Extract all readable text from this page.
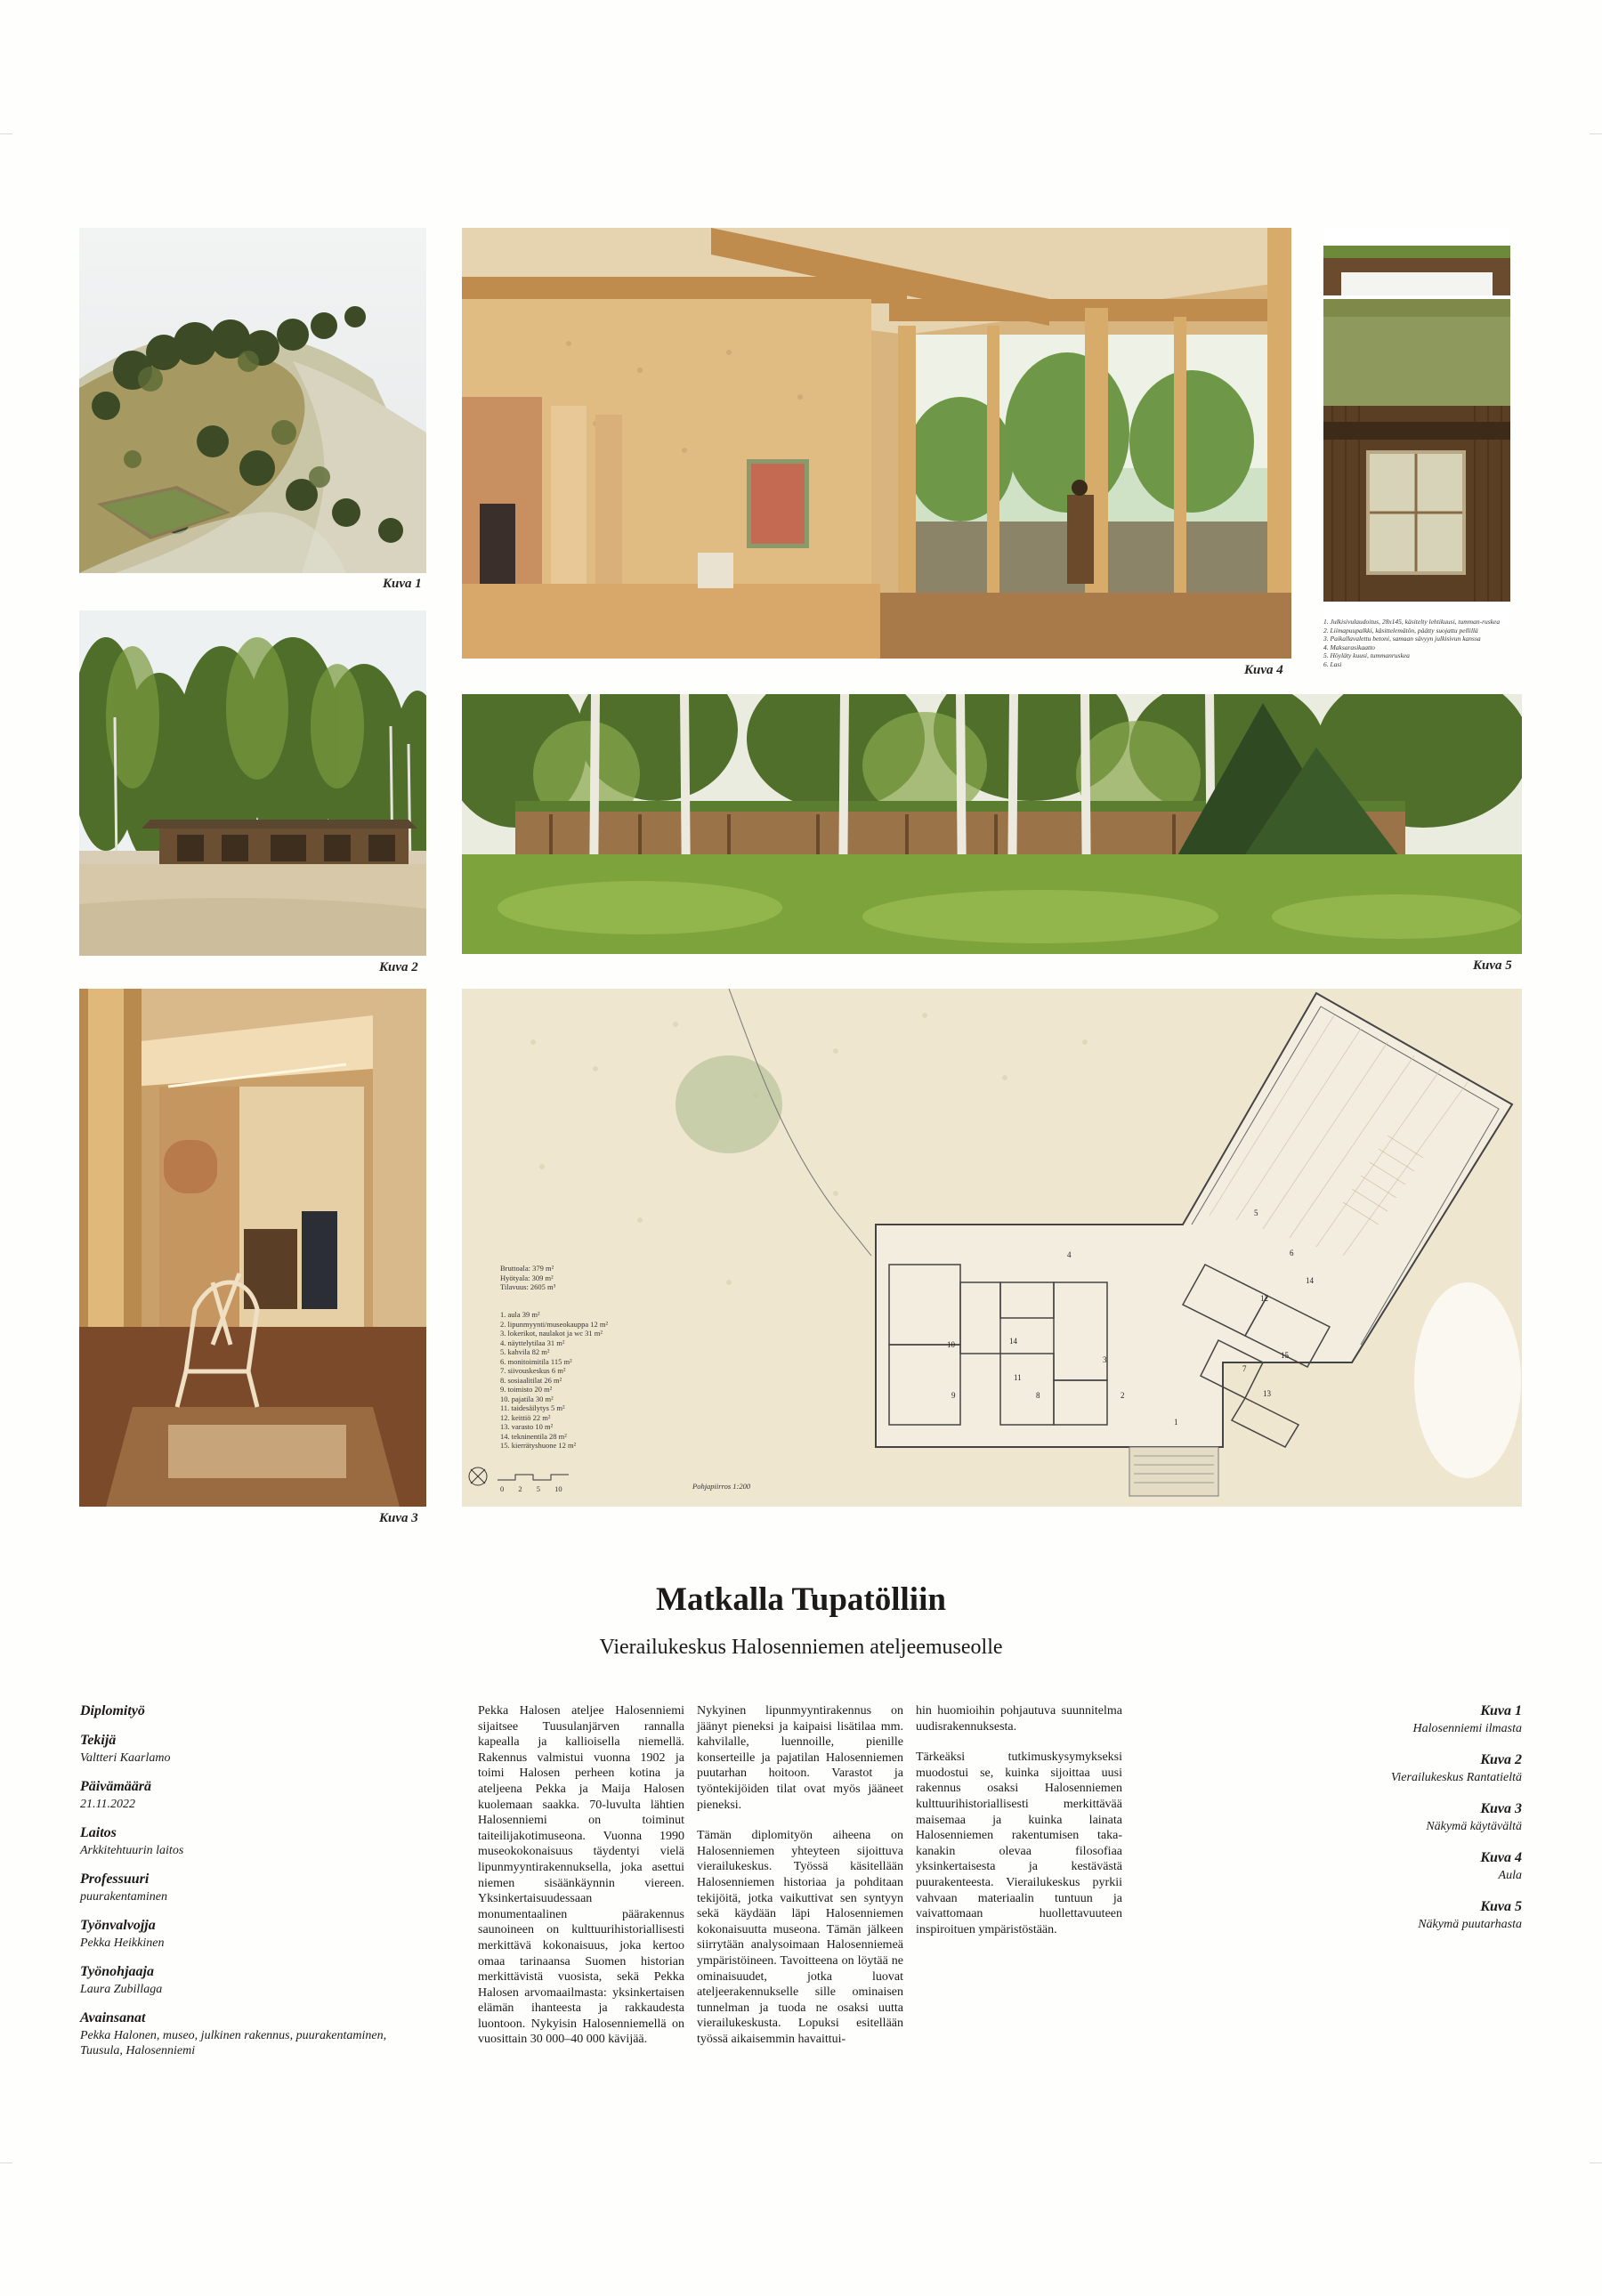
Kuva 1
Kuva 2
Kuva 3
Kuva 4
1. Julkisivulaudoitus, 28x145, käsitelty lehtikuusi, tumman-ruskea
2. Liimapuupalkki, käsittelemätön, päätty suojattu pellillä
3. Paikallavalettu betoni, samaan sävyyn julkisivun kanssa
4. Maksarasikaatto
5. Höyläty kuusi, tummanruskea
6. Lasi
Kuva 5
1
2
3
4
5
6
7
8
9
10
11
12
13
14
15
14
Bruttoala: 379 m²
Hyötyala: 309 m²
Tilavuus: 2605 m³
1. aula 39 m²
2. lipunmyynti/museokauppa 12 m²
3. lokerikot, naulakot ja wc 31 m²
4. näyttelytilaa 31 m²
5. kahvila 82 m²
6. monitoimitila 115 m²
7. siivouskeskus 6 m²
8. sosiaalitilat 26 m²
9. toimisto 20 m²
10. pajatila 30 m²
11. taidesäilytys 5 m²
12. keittiö 22 m²
13. varasto 10 m²
14. tekninentila 28 m²
15. kierrätyshuone 12 m²
0 2 5 10	Pohjapiirros 1:200
Matkalla Tupatölliin
Vierailukeskus Halosenniemen ateljeemuseolle

Diplomityö

Tekijä

Valtteri Kaarlamo

Päivämäärä

21.11.2022

Laitos

Arkkitehtuurin laitos

Professuuri

puurakentaminen

Työnvalvojja

Pekka Heikkinen

Työnohjaaja

Laura Zubillaga

Avainsanat

Pekka Halonen, museo, julkinen rakennus, puurakentaminen, Tuusula, Halosenniemi

Pekka Halosen ateljee Halosenniemi sijaitsee Tuusulanjärven rannalla kapealla ja kallioisella niemellä. Rakennus valmistui vuonna 1902 ja toimi Halosen perheen kotina ja ateljeena Pekka ja Maija Halosen kuolemaan saakka. 70-luvulta lähtien Halosenniemi on toiminut taiteilijakotimuseona. Vuonna 1990 museokokonaisuus täydentyi vielä lipunmyyntirakennuksella, joka asettui niemen sisäänkäynnin viereen. Yksinkertaisuudessaan monumentaalinen päärakennus saunoineen on kulttuurihistoriallisesti merkittävä kokonaisuus, joka kertoo omaa tarinaansa Suomen historian merkittävistä vuosista, sekä Pekka Halosen arvomaailmasta: yksinkertaisen elämän ihanteesta ja rakkaudesta luontoon. Nykyisin Halosenniemellä on vuosittain 30 000–40 000 kävijää.

Nykyinen lipunmyyntirakennus on jäänyt pieneksi ja kaipaisi lisätilaa mm. kahvilalle, luennoille, pienille konserteille ja pajatilan Halosenniemen puutarhan hoitoon. Varastot ja työntekijöiden tilat ovat myös jääneet pieneksi.

Tämän diplomityön aiheena on Halosenniemen yhteyteen sijoittuva vierailukeskus. Työssä käsitellään Halosenniemen historiaa ja pohditaan tekijöitä, jotka vaikuttivat sen syntyyn sekä käydään läpi Halosenniemen kokonaisuutta museona. Tämän jälkeen siirrytään analysoimaan Halosenniemeä ympäristöineen. Tavoitteena on löytää ne ominaisuudet, jotka luovat ateljeerakennukselle sille ominaisen tunnelman ja tuoda ne osaksi uutta vierailukeskusta. Lopuksi esitellään työssä aikaisemmin havaittui-

hin huomioihin pohjautuva suunnitelma uudisrakennuksesta.

Tärkeäksi tutkimuskysymykseksi muodostui se, kuinka sijoittaa uusi rakennus osaksi Halosenniemen kulttuurihistoriallisesti merkittävää maisemaa ja kuinka lainata Halosenniemen rakentumisen takakanakin olevaa filosofiaa yksinkertaisesta ja kestävästä puurakenteesta. Vierailukeskus pyrkii vahvaan materiaalin tuntuun ja vaivattomaan huollettavuuteen inspiroituen ympäristöstään.

Kuva 1

Halosenniemi ilmasta

Kuva 2

Vierailukeskus Rantatieltä

Kuva 3

Näkymä käytävältä

Kuva 4

Aula

Kuva 5

Näkymä puutarhasta
